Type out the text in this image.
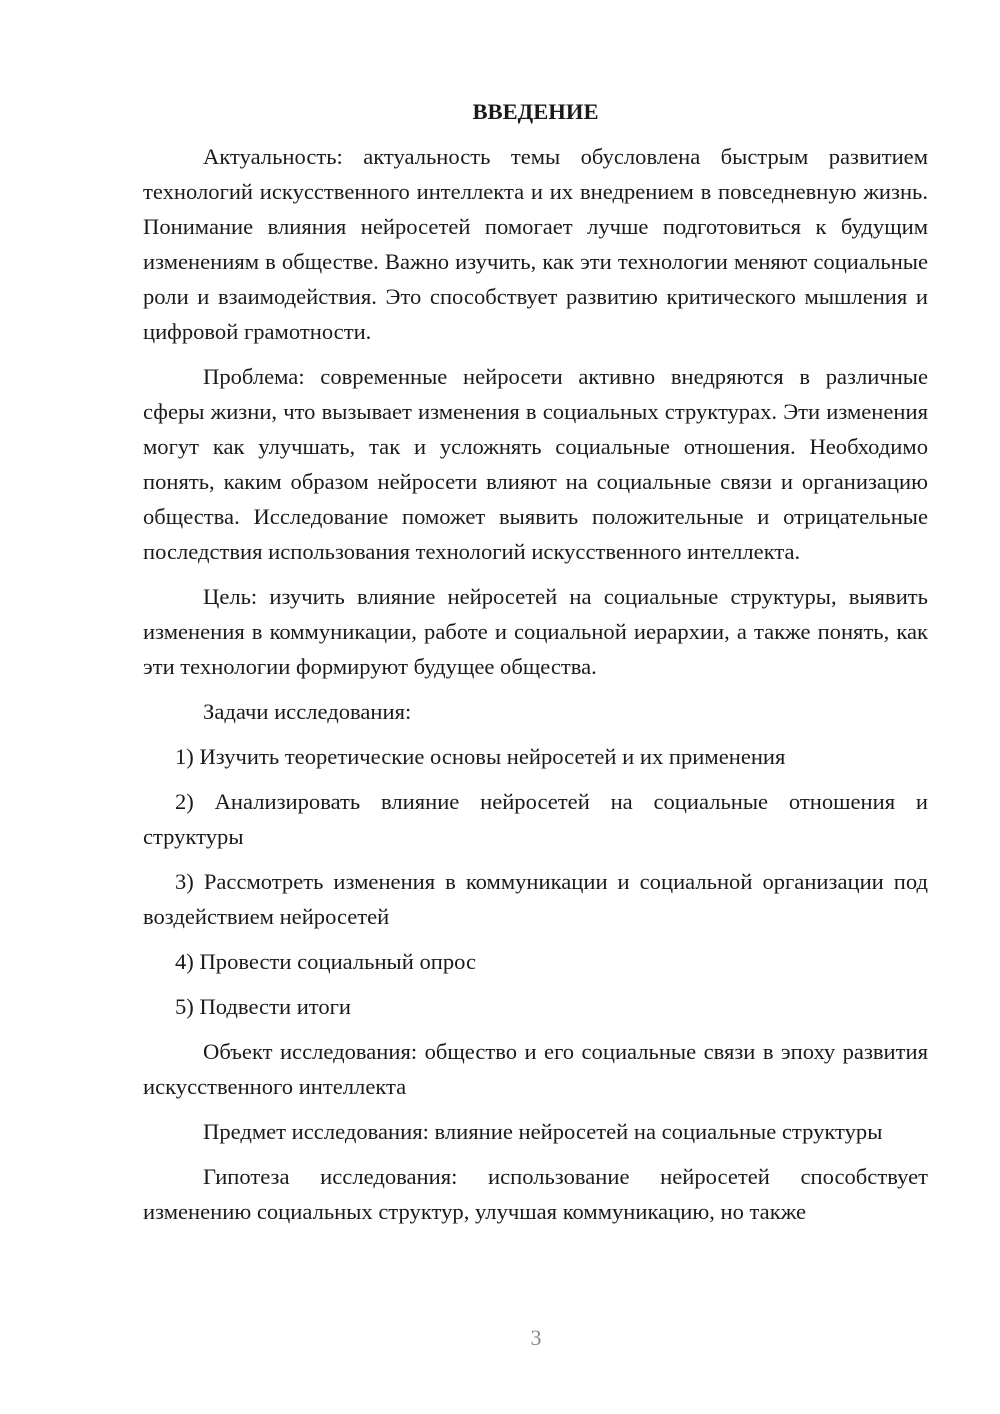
ВВЕДЕНИЕ

Актуальность: актуальность темы обусловлена быстрым развитием технологий искусственного интеллекта и их внедрением в повседневную жизнь. Понимание влияния нейросетей помогает лучше подготовиться к будущим изменениям в обществе. Важно изучить, как эти технологии меняют социальные роли и взаимодействия. Это способствует развитию критического мышления и цифровой грамотности.

Проблема: современные нейросети активно внедряются в различные сферы жизни, что вызывает изменения в социальных структурах. Эти изменения могут как улучшать, так и усложнять социальные отношения. Необходимо понять, каким образом нейросети влияют на социальные связи и организацию общества. Исследование поможет выявить положительные и отрицательные последствия использования технологий искусственного интеллекта.

Цель: изучить влияние нейросетей на социальные структуры, выявить изменения в коммуникации, работе и социальной иерархии, а также понять, как эти технологии формируют будущее общества.

Задачи исследования:

1) Изучить теоретические основы нейросетей и их применения

2) Анализировать влияние нейросетей на социальные отношения и структуры

3) Рассмотреть изменения в коммуникации и социальной организации под воздействием нейросетей

4) Провести социальный опрос

5) Подвести итоги

Объект исследования: общество и его социальные связи в эпоху развития искусственного интеллекта

Предмет исследования: влияние нейросетей на социальные структуры

Гипотеза исследования: использование нейросетей способствует изменению социальных структур, улучшая коммуникацию, но также

3
